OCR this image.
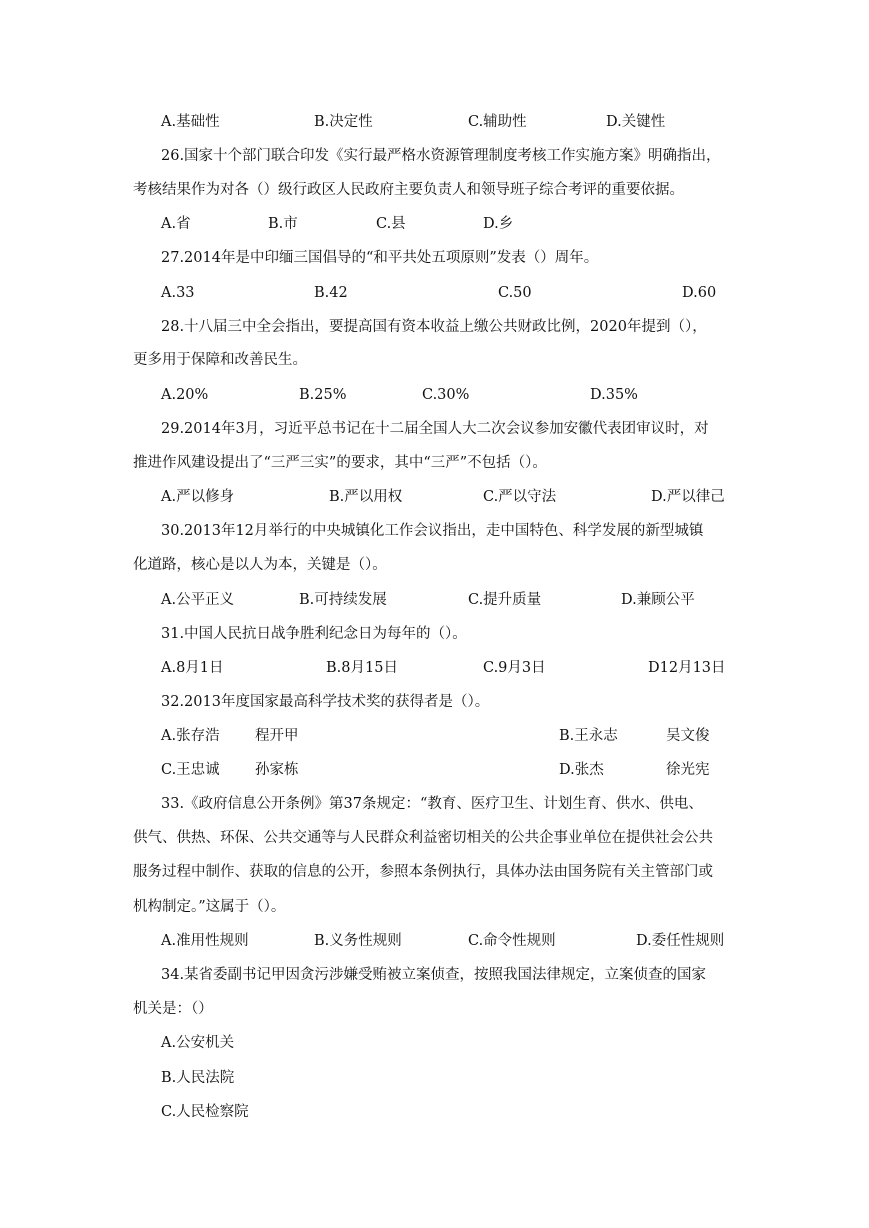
A.基础性	B.决定性	C.辅助性	D.关键性
26.国家十个部门联合印发《实行最严格水资源管理制度考核工作实施方案》明确指出，
考核结果作为对各（）级行政区人民政府主要负责人和领导班子综合考评的重要依据。
A.省	B.市	C.县	D.乡
27.2014年是中印缅三国倡导的“和平共处五项原则”发表（）周年。
A.33	B.42	C.50	D.60
28.十八届三中全会指出，要提高国有资本收益上缴公共财政比例，2020年提到（），
更多用于保障和改善民生。
A.20%	B.25%	C.30%	D.35%
29.2014年3月，习近平总书记在十二届全国人大二次会议参加安徽代表团审议时，对
推进作风建设提出了“三严三实”的要求，其中“三严”不包括（）。
A.严以修身	B.严以用权	C.严以守法	D.严以律己
30.2013年12月举行的中央城镇化工作会议指出，走中国特色、科学发展的新型城镇
化道路，核心是以人为本，关键是（）。
A.公平正义	B.可持续发展	C.提升质量	D.兼顾公平
31.中国人民抗日战争胜利纪念日为每年的（）。
A.8月1日	B.8月15日	C.9月3日	D12月13日
32.2013年度国家最高科学技术奖的获得者是（）。
A.张存浩 程开甲	B.王永志	吴文俊
C.王忠诚 孙家栋	D.张杰	徐光宪
33.《政府信息公开条例》第37条规定：“教育、医疗卫生、计划生育、供水、供电、
供气、供热、环保、公共交通等与人民群众利益密切相关的公共企事业单位在提供社会公共
服务过程中制作、获取的信息的公开，参照本条例执行，具体办法由国务院有关主管部门或
机构制定。”这属于（）。
A.准用性规则	B.义务性规则	C.命令性规则	D.委任性规则
34.某省委副书记甲因贪污涉嫌受贿被立案侦查，按照我国法律规定，立案侦查的国家
机关是：（）
A.公安机关
B.人民法院
C.人民检察院
